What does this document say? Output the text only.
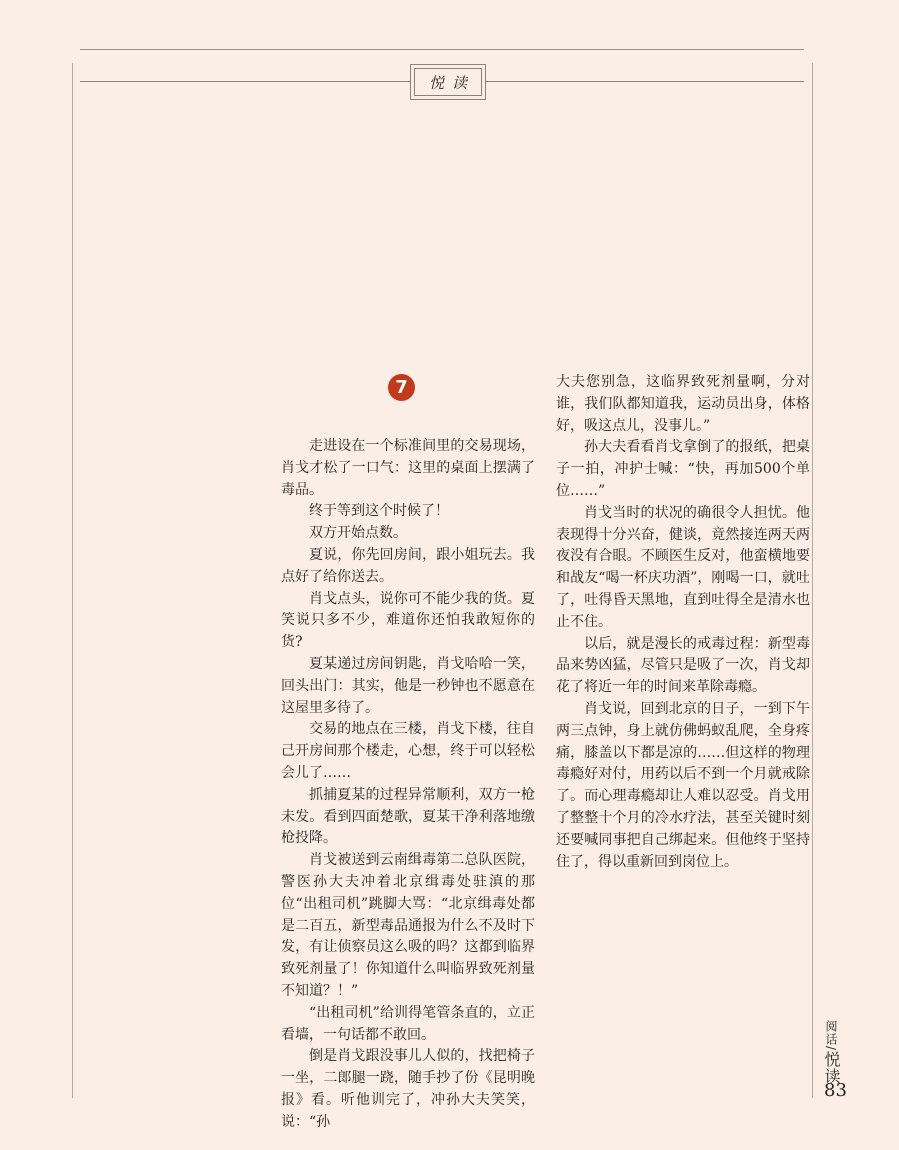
悦读
7

走进设在一个标准间里的交易现场，肖戈才松了一口气：这里的桌面上摆满了毒品。

终于等到这个时候了！

双方开始点数。

夏说，你先回房间，跟小姐玩去。我点好了给你送去。

肖戈点头，说你可不能少我的货。夏笑说只多不少，难道你还怕我敢短你的货?

夏某递过房间钥匙，肖戈哈哈一笑，回头出门：其实，他是一秒钟也不愿意在这屋里多待了。

交易的地点在三楼，肖戈下楼，往自己开房间那个楼走，心想，终于可以轻松会儿了……

抓捕夏某的过程异常顺利，双方一枪未发。看到四面楚歌，夏某干净利落地缴枪投降。

肖戈被送到云南缉毒第二总队医院，警医孙大夫冲着北京缉毒处驻滇的那位“出租司机”跳脚大骂：“北京缉毒处都是二百五，新型毒品通报为什么不及时下发，有让侦察员这么吸的吗？这都到临界致死剂量了！你知道什么叫临界致死剂量不知道？！”

“出租司机”给训得笔管条直的，立正看墙，一句话都不敢回。

倒是肖戈跟没事儿人似的，找把椅子一坐，二郎腿一跷，随手抄了份《昆明晚报》看。听他训完了，冲孙大夫笑笑，说：“孙

大夫您别急，这临界致死剂量啊，分对谁，我们队都知道我，运动员出身，体格好，吸这点儿，没事儿。”

孙大夫看看肖戈拿倒了的报纸，把桌子一拍，冲护士喊：“快，再加500个单位……”

肖戈当时的状况的确很令人担忧。他表现得十分兴奋，健谈，竟然接连两天两夜没有合眼。不顾医生反对，他蛮横地要和战友“喝一杯庆功酒”，刚喝一口，就吐了，吐得昏天黑地，直到吐得全是清水也止不住。

以后，就是漫长的戒毒过程：新型毒品来势凶猛，尽管只是吸了一次，肖戈却花了将近一年的时间来革除毒瘾。

肖戈说，回到北京的日子，一到下午两三点钟，身上就仿佛蚂蚁乱爬，全身疼痛，膝盖以下都是凉的……但这样的物理毒瘾好对付，用药以后不到一个月就戒除了。而心理毒瘾却让人难以忍受。肖戈用了整整十个月的冷水疗法，甚至关键时刻还要喊同事把自己绑起来。但他终于坚持住了，得以重新回到岗位上。

阅话/悦读
83
